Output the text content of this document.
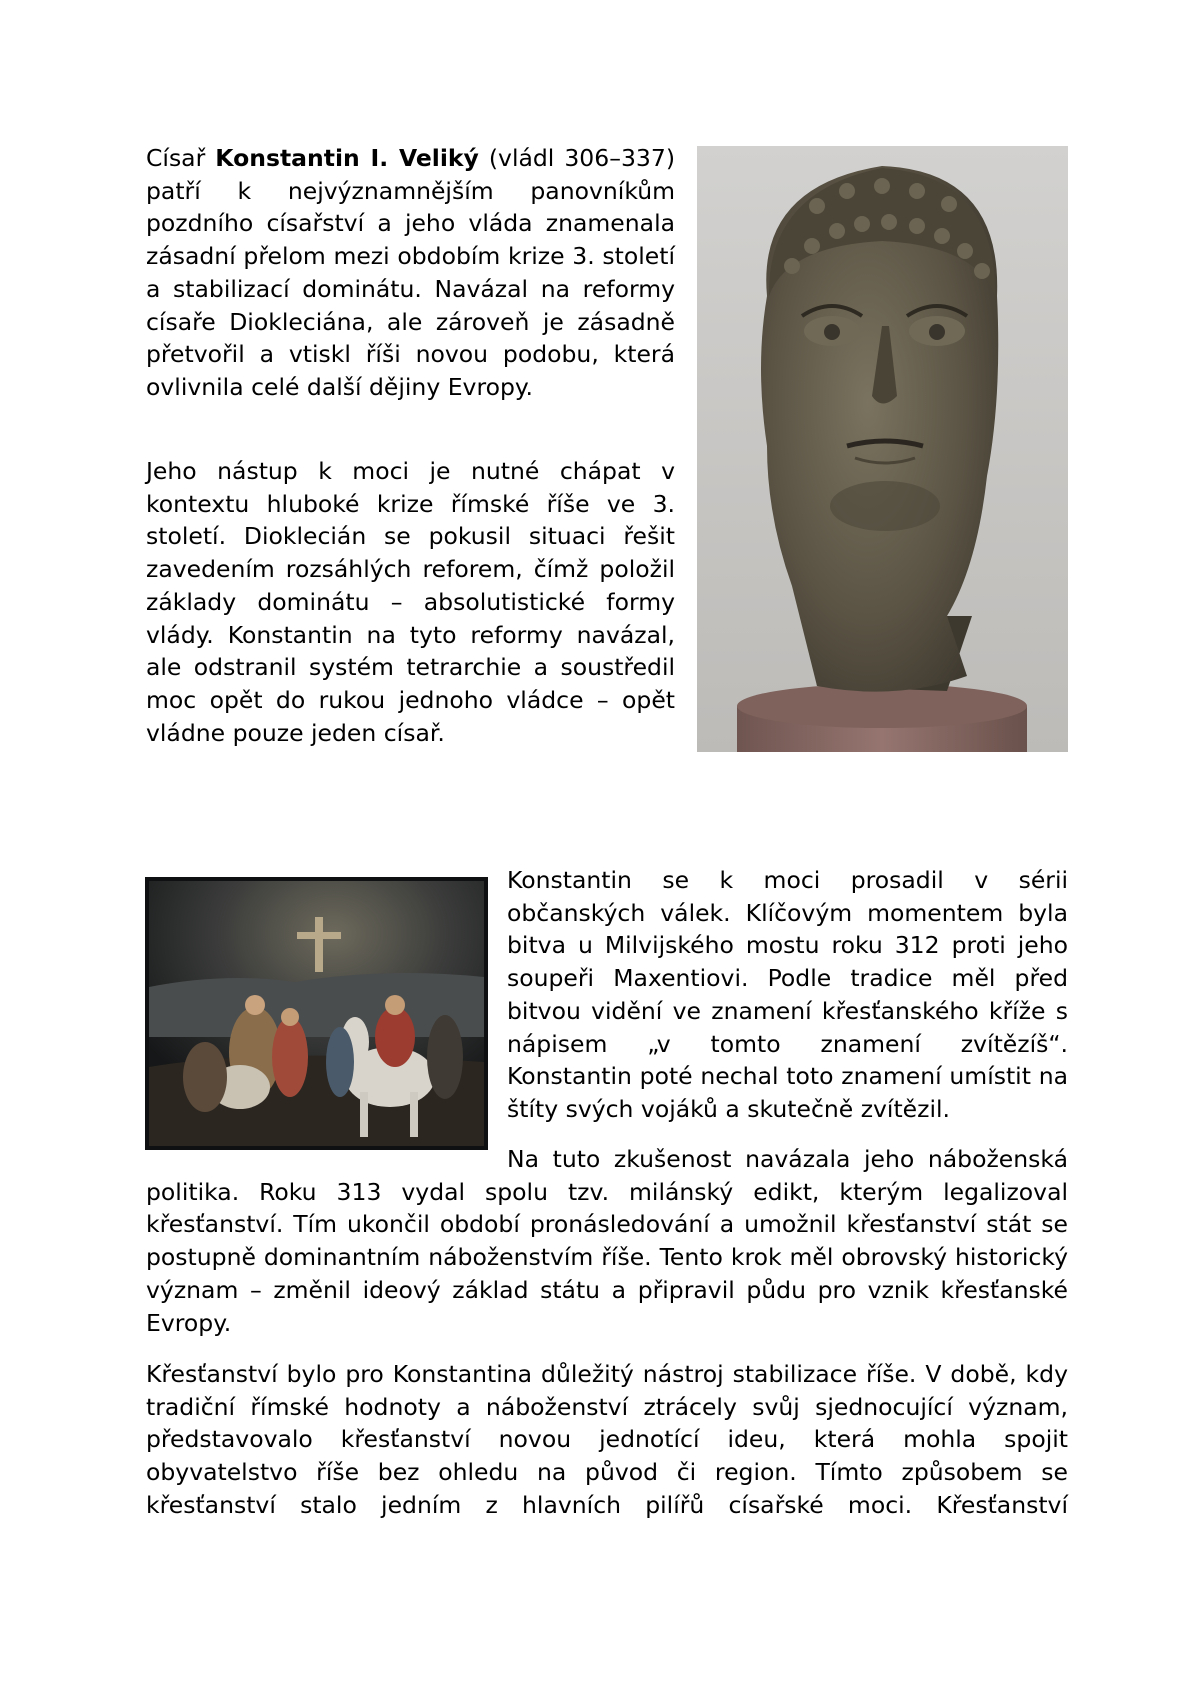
Císař Konstantin I. Veliký (vládl 306–337) patří k nejvýznamnějším panovníkům pozdního císařství a jeho vláda znamenala zásadní přelom mezi obdobím krize 3. století a stabilizací dominátu. Navázal na reformy císaře Diokleciána, ale zároveň je zásadně přetvořil a vtiskl říši novou podobu, která ovlivnila celé další dějiny Evropy.

Jeho nástup k moci je nutné chápat v kontextu hluboké krize římské říše ve 3. století. Dioklecián se pokusil situaci řešit zavedením rozsáhlých reforem, čímž položil základy dominátu – absolutistické formy vlády. Konstantin na tyto reformy navázal, ale odstranil systém tetrarchie a soustředil moc opět do rukou jednoho vládce – opět vládne pouze jeden císař.

Konstantin se k moci prosadil v sérii občanských válek. Klíčovým momentem byla bitva u Milvijského mostu roku 312 proti jeho soupeři Maxentiovi. Podle tradice měl před bitvou vidění ve znamení křesťanského kříže s nápisem „v tomto znamení zvítězíš“. Konstantin poté nechal toto znamení umístit na štíty svých vojáků a skutečně zvítězil.

Na tuto zkušenost navázala jeho náboženská politika. Roku 313 vydal spolu tzv. milánský edikt, kterým legalizoval křesťanství. Tím ukončil období pronásledování a umožnil křesťanství stát se postupně dominantním náboženstvím říše. Tento krok měl obrovský historický význam – změnil ideový základ státu a připravil půdu pro vznik křesťanské Evropy.

Křesťanství bylo pro Konstantina důležitý nástroj stabilizace říše. V době, kdy tradiční římské hodnoty a náboženství ztrácely svůj sjednocující význam, představovalo křesťanství novou jednotící ideu, která mohla spojit obyvatelstvo říše bez ohledu na původ či region. Tímto způsobem se křesťanství stalo jedním z hlavních pilířů císařské moci. Křesťanství
